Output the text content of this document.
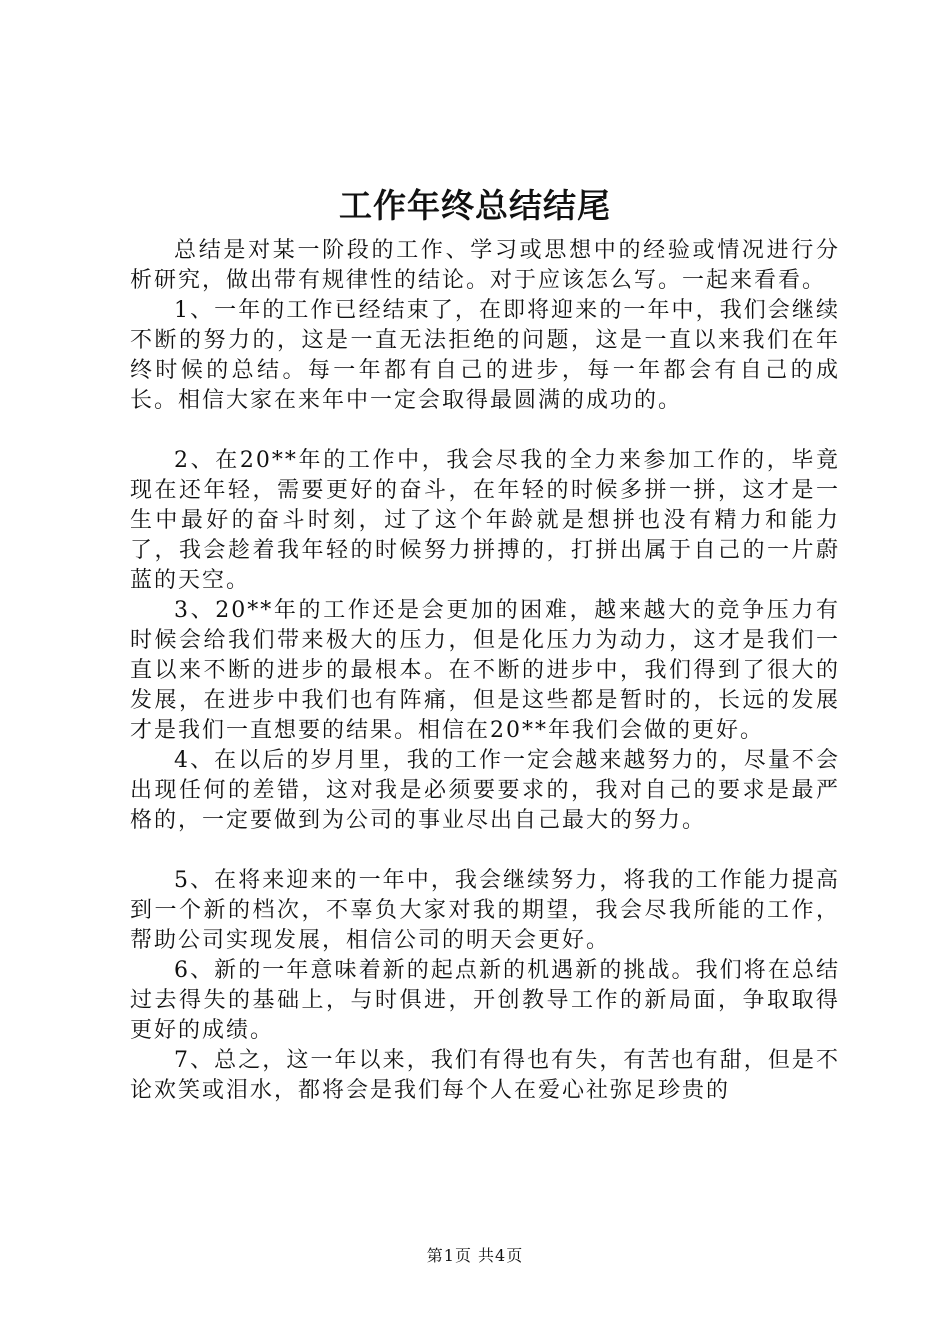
工作年终总结结尾

总结是对某一阶段的工作、学习或思想中的经验或情况进行分析研究，做出带有规律性的结论。对于应该怎么写。一起来看看。

1、一年的工作已经结束了，在即将迎来的一年中，我们会继续不断的努力的，这是一直无法拒绝的问题，这是一直以来我们在年终时候的总结。每一年都有自己的进步，每一年都会有自己的成长。相信大家在来年中一定会取得最圆满的成功的。

2、在20**年的工作中，我会尽我的全力来参加工作的，毕竟现在还年轻，需要更好的奋斗，在年轻的时候多拼一拼，这才是一生中最好的奋斗时刻，过了这个年龄就是想拼也没有精力和能力了，我会趁着我年轻的时候努力拼搏的，打拼出属于自己的一片蔚蓝的天空。

3、20**年的工作还是会更加的困难，越来越大的竞争压力有时候会给我们带来极大的压力，但是化压力为动力，这才是我们一直以来不断的进步的最根本。在不断的进步中，我们得到了很大的发展，在进步中我们也有阵痛，但是这些都是暂时的，长远的发展才是我们一直想要的结果。相信在20**年我们会做的更好。

4、在以后的岁月里，我的工作一定会越来越努力的，尽量不会出现任何的差错，这对我是必须要要求的，我对自己的要求是最严格的，一定要做到为公司的事业尽出自己最大的努力。

5、在将来迎来的一年中，我会继续努力，将我的工作能力提高到一个新的档次，不辜负大家对我的期望，我会尽我所能的工作，帮助公司实现发展，相信公司的明天会更好。

6、新的一年意味着新的起点新的机遇新的挑战。我们将在总结过去得失的基础上，与时俱进，开创教导工作的新局面，争取取得更好的成绩。

7、总之，这一年以来，我们有得也有失，有苦也有甜，但是不论欢笑或泪水，都将会是我们每个人在爱心社弥足珍贵的

第1页 共4页
